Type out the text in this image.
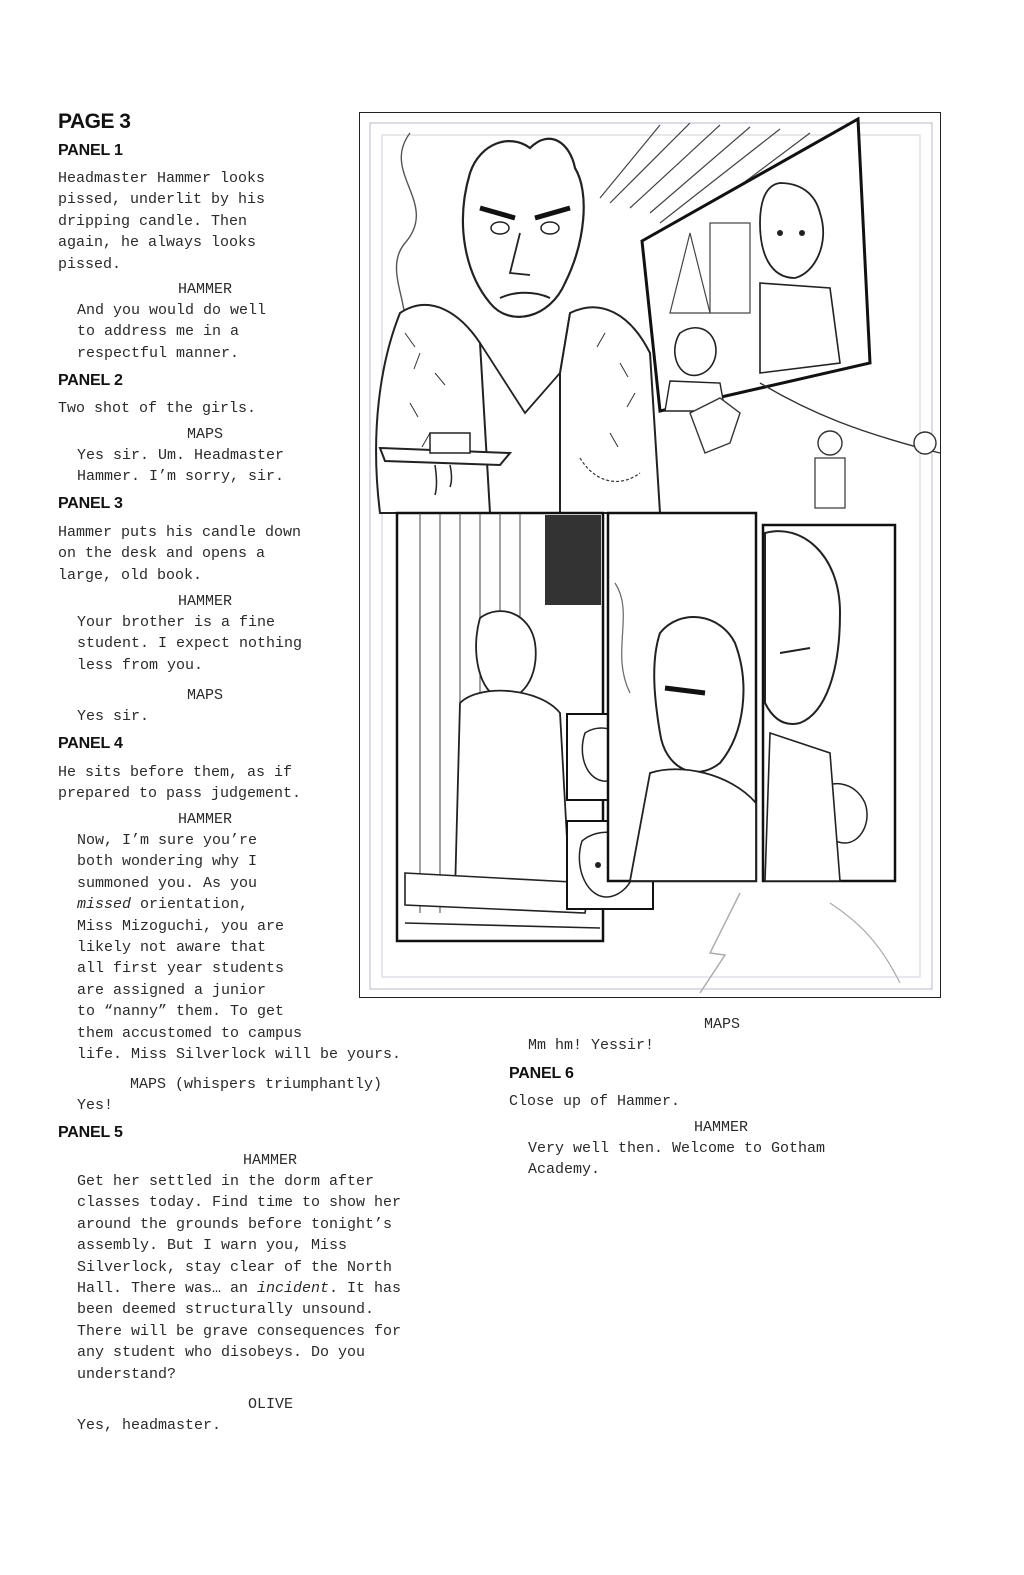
PAGE 3
PANEL 1

Headmaster Hammer looks
pissed, underlit by his
dripping candle. Then
again, he always looks
pissed.

HAMMER

And you would do well
to address me in a
respectful manner.

PANEL 2

Two shot of the girls.

MAPS

Yes sir. Um. Headmaster
Hammer. I’m sorry, sir.

PANEL 3

Hammer puts his candle down
on the desk and opens a
large, old book.

HAMMER

Your brother is a fine
student. I expect nothing
less from you.

MAPS

Yes sir.

PANEL 4

He sits before them, as if
prepared to pass judgement.

HAMMER

Now, I’m sure you’re
both wondering why I
summoned you. As you
missed orientation,
Miss Mizoguchi, you are
likely not aware that
all first year students
are assigned a junior
to “nanny” them. To get
them accustomed to campus
life. Miss Silverlock will be yours.

MAPS (whispers triumphantly)

Yes!

PANEL 5

HAMMER

Get her settled in the dorm after
classes today. Find time to show her
around the grounds before tonight’s
assembly. But I warn you, Miss
Silverlock, stay clear of the North
Hall. There was… an incident. It has
been deemed structurally unsound.
There will be grave consequences for
any student who disobeys. Do you
understand?

OLIVE

Yes, headmaster.

MAPS

Mm hm! Yessir!

PANEL 6

Close up of Hammer.

HAMMER

Very well then. Welcome to Gotham
Academy.
